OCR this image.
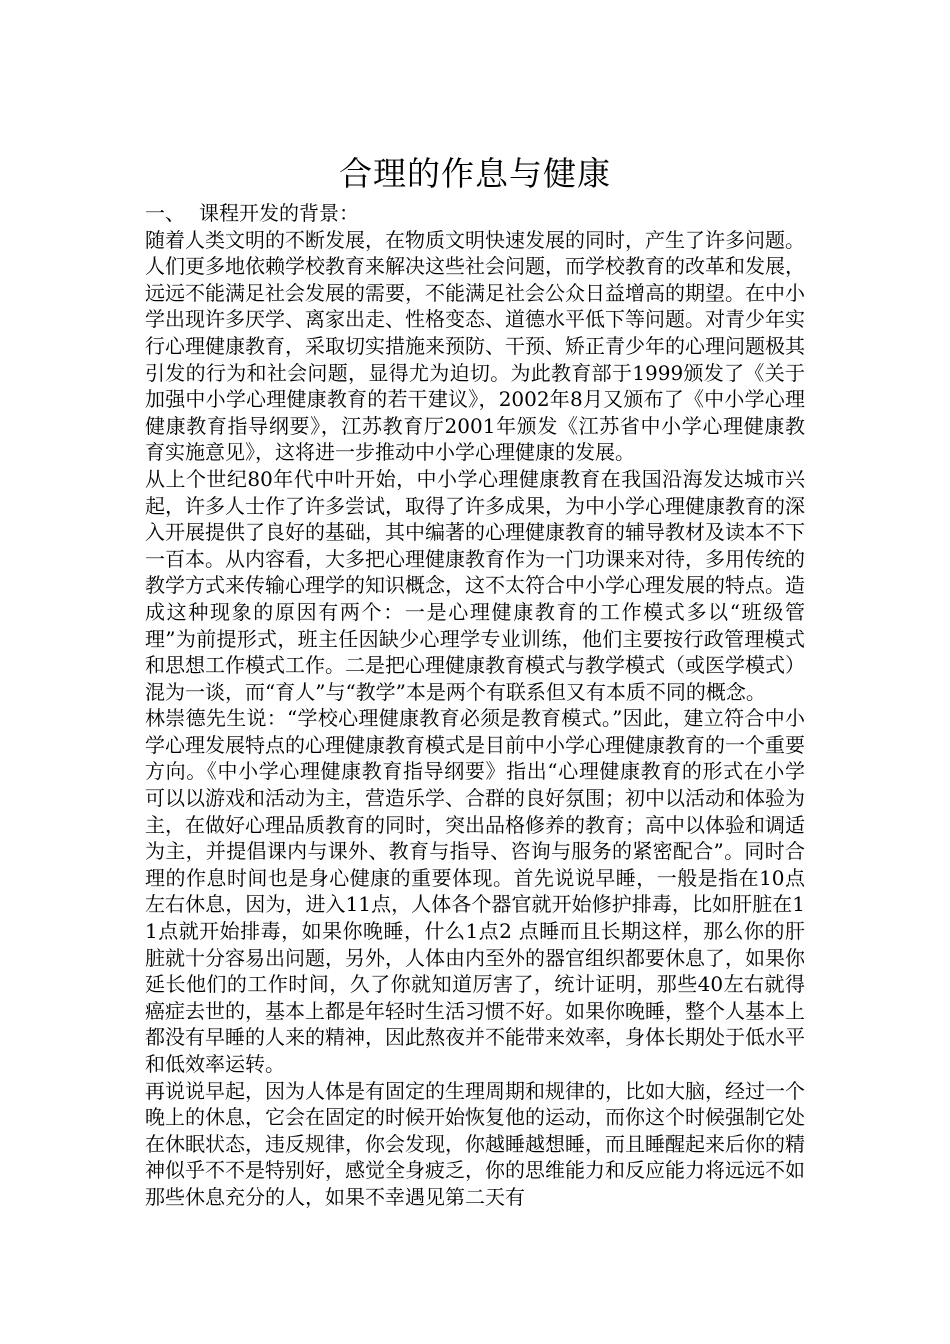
合理的作息与健康

一、 课程开发的背景：

随着人类文明的不断发展，在物质文明快速发展的同时，产生了许多问题。人们更多地依赖学校教育来解决这些社会问题，而学校教育的改革和发展，远远不能满足社会发展的需要，不能满足社会公众日益增高的期望。在中小学出现许多厌学、离家出走、性格变态、道德水平低下等问题。对青少年实行心理健康教育，采取切实措施来预防、干预、矫正青少年的心理问题极其引发的行为和社会问题，显得尤为迫切。为此教育部于1999颁发了《关于加强中小学心理健康教育的若干建议》，2002年8月又颁布了《中小学心理健康教育指导纲要》，江苏教育厅2001年颁发《江苏省中小学心理健康教育实施意见》，这将进一步推动中小学心理健康的发展。

从上个世纪80年代中叶开始，中小学心理健康教育在我国沿海发达城市兴起，许多人士作了许多尝试，取得了许多成果，为中小学心理健康教育的深入开展提供了良好的基础，其中编著的心理健康教育的辅导教材及读本不下一百本。从内容看，大多把心理健康教育作为一门功课来对待，多用传统的教学方式来传输心理学的知识概念，这不太符合中小学心理发展的特点。造成这种现象的原因有两个：一是心理健康教育的工作模式多以“班级管理”为前提形式，班主任因缺少心理学专业训练，他们主要按行政管理模式和思想工作模式工作。二是把心理健康教育模式与教学模式（或医学模式）混为一谈，而“育人”与“教学”本是两个有联系但又有本质不同的概念。

林崇德先生说：“学校心理健康教育必须是教育模式。”因此，建立符合中小学心理发展特点的心理健康教育模式是目前中小学心理健康教育的一个重要方向。《中小学心理健康教育指导纲要》指出“心理健康教育的形式在小学可以以游戏和活动为主，营造乐学、合群的良好氛围；初中以活动和体验为主，在做好心理品质教育的同时，突出品格修养的教育；高中以体验和调适为主，并提倡课内与课外、教育与指导、咨询与服务的紧密配合”。同时合理的作息时间也是身心健康的重要体现。首先说说早睡，一般是指在10点左右休息，因为，进入11点，人体各个器官就开始修护排毒，比如肝脏在11点就开始排毒，如果你晚睡，什么1点2 点睡而且长期这样，那么你的肝脏就十分容易出问题，另外，人体由内至外的器官组织都要休息了，如果你延长他们的工作时间，久了你就知道厉害了，统计证明，那些40左右就得癌症去世的，基本上都是年轻时生活习惯不好。如果你晚睡，整个人基本上都没有早睡的人来的精神，因此熬夜并不能带来效率，身体长期处于低水平和低效率运转。

再说说早起，因为人体是有固定的生理周期和规律的，比如大脑，经过一个晚上的休息，它会在固定的时候开始恢复他的运动，而你这个时候强制它处在休眠状态，违反规律，你会发现，你越睡越想睡，而且睡醒起来后你的精神似乎不不是特别好，感觉全身疲乏，你的思维能力和反应能力将远远不如那些休息充分的人，如果不幸遇见第二天有
